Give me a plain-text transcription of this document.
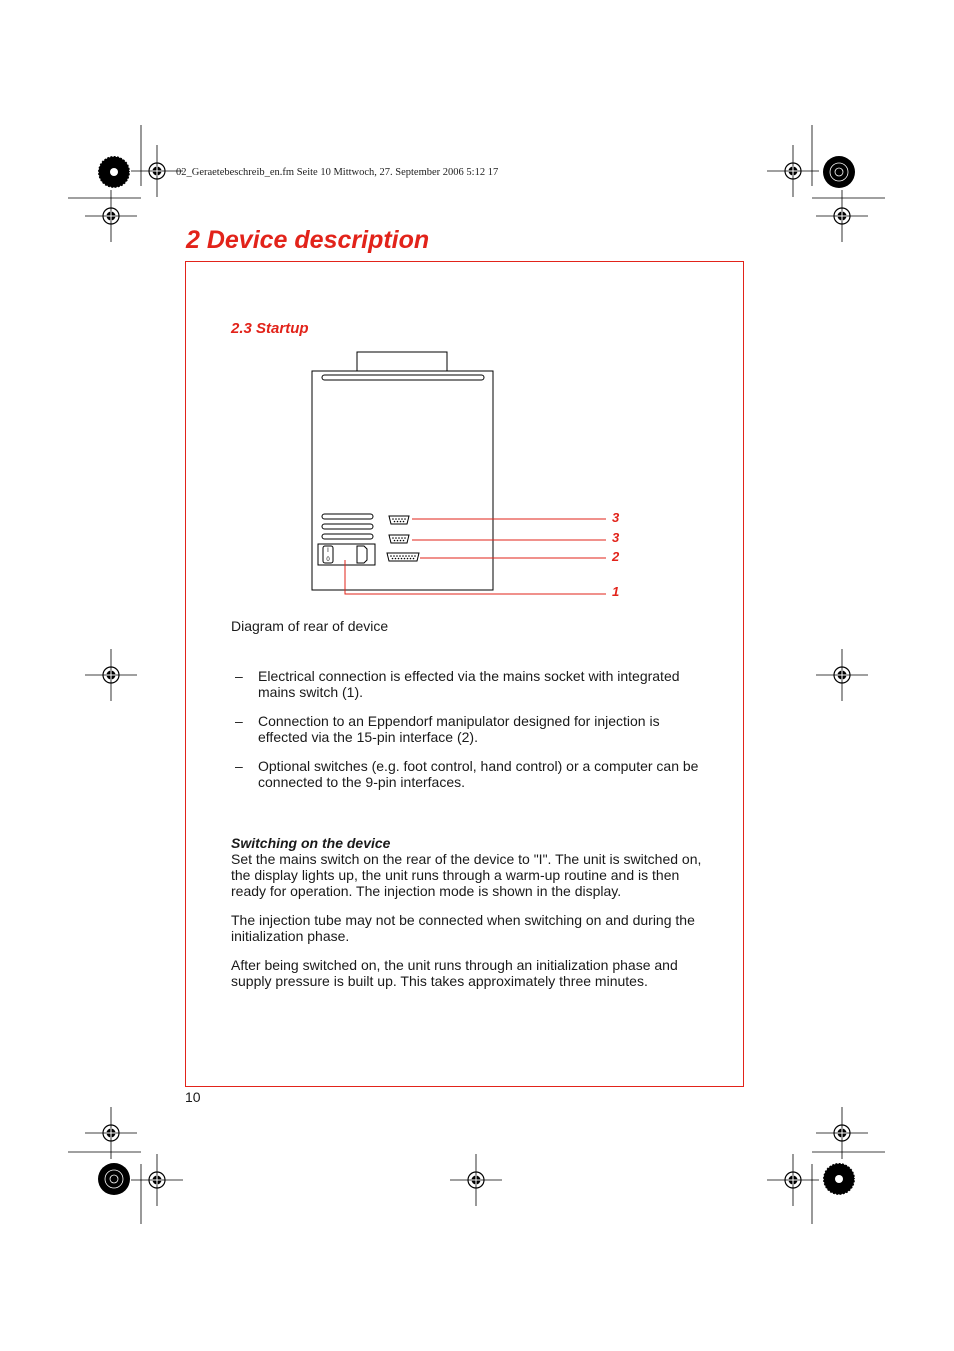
02_Geraetebeschreib_en.fm Seite 10 Mittwoch, 27. September 2006 5:12 17
2 Device description
2.3 Startup
I
0
3
3
2
1
Diagram of rear of device
– Electrical connection is effected via the mains socket with integrated mains switch (1).
– Connection to an Eppendorf manipulator designed for injection is effected via the 15-pin interface (2).
– Optional switches (e.g. foot control, hand control) or a computer can be connected to the 9-pin interfaces.
Switching on the device

Set the mains switch on the rear of the device to "I". The unit is switched on, the display lights up, the unit runs through a warm-up routine and is then ready for operation. The injection mode is shown in the display.

The injection tube may not be connected when switching on and during the initialization phase.

After being switched on, the unit runs through an initialization phase and supply pressure is built up. This takes approximately three minutes.

10
